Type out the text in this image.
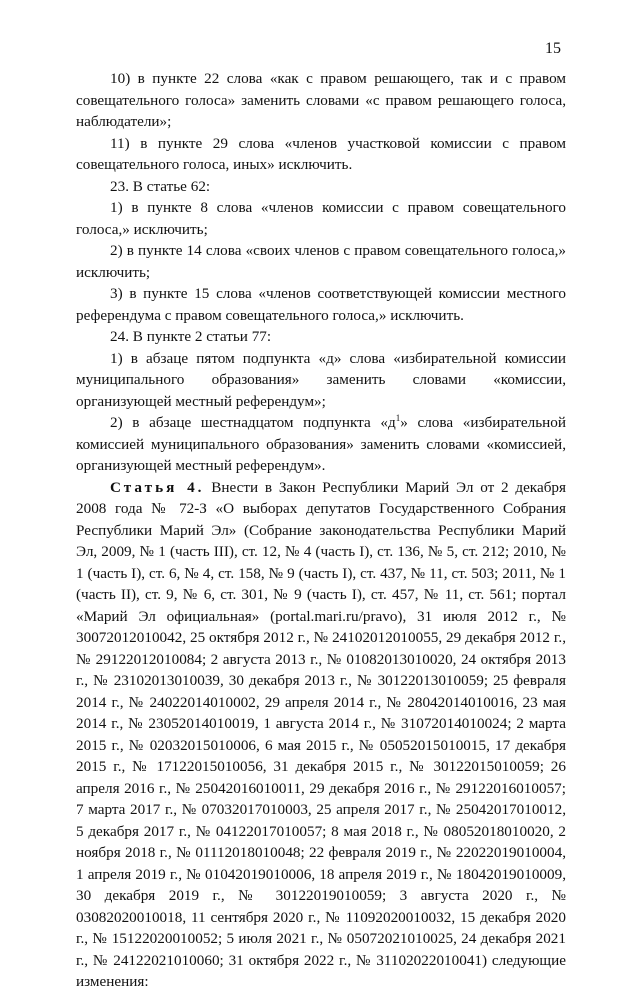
15

10) в пункте 22 слова «как с правом решающего, так и с правом совещательного голоса» заменить словами «с правом решающего голоса, наблюдатели»;

11) в пункте 29 слова «членов участковой комиссии с правом совещательного голоса, иных» исключить.

23. В статье 62:

1) в пункте 8 слова «членов комиссии с правом совещательного голоса,» исключить;

2) в пункте 14 слова «своих членов с правом совещательного голоса,» исключить;

3) в пункте 15 слова «членов соответствующей комиссии местного референдума с правом совещательного голоса,» исключить.

24. В пункте 2 статьи 77:

1) в абзаце пятом подпункта «д» слова «избирательной комиссии муниципального образования» заменить словами «комиссии, организующей местный референдум»;

2) в абзаце шестнадцатом подпункта «$д^1$» слова «избирательной комиссией муниципального образования» заменить словами «комиссией, организующей местный референдум».

Статья 4. Внести в Закон Республики Марий Эл от 2 декабря 2008 года № 72-З «О выборах депутатов Государственного Собрания Республики Марий Эл» (Собрание законодательства Республики Марий Эл, 2009, № 1 (часть III), ст. 12, № 4 (часть I), ст. 136, № 5, ст. 212; 2010, № 1 (часть I), ст. 6, № 4, ст. 158, № 9 (часть I), ст. 437, № 11, ст. 503; 2011, № 1 (часть II), ст. 9, № 6, ст. 301, № 9 (часть I), ст. 457, № 11, ст. 561; портал «Марий Эл официальная» (portal.mari.ru/pravo), 31 июля 2012 г., № 30072012010042, 25 октября 2012 г., № 24102012010055, 29 декабря 2012 г., № 29122012010084; 2 августа 2013 г., № 01082013010020, 24 октября 2013 г., № 23102013010039, 30 декабря 2013 г., № 30122013010059; 25 февраля 2014 г., № 24022014010002, 29 апреля 2014 г., № 28042014010016, 23 мая 2014 г., № 23052014010019, 1 августа 2014 г., № 31072014010024; 2 марта 2015 г., № 02032015010006, 6 мая 2015 г., № 05052015010015, 17 декабря 2015 г., № 17122015010056, 31 декабря 2015 г., № 30122015010059; 26 апреля 2016 г., № 25042016010011, 29 декабря 2016 г., № 29122016010057; 7 марта 2017 г., № 07032017010003, 25 апреля 2017 г., № 25042017010012, 5 декабря 2017 г., № 04122017010057; 8 мая 2018 г., № 08052018010020, 2 ноября 2018 г., № 01112018010048; 22 февраля 2019 г., № 22022019010004, 1 апреля 2019 г., № 01042019010006, 18 апреля 2019 г., № 18042019010009, 30 декабря 2019 г., № 30122019010059; 3 августа 2020 г., № 03082020010018, 11 сентября 2020 г., № 11092020010032, 15 декабря 2020 г., № 15122020010052; 5 июля 2021 г., № 05072021010025, 24 декабря 2021 г., № 24122021010060; 31 октября 2022 г., № 31102022010041) следующие изменения:
